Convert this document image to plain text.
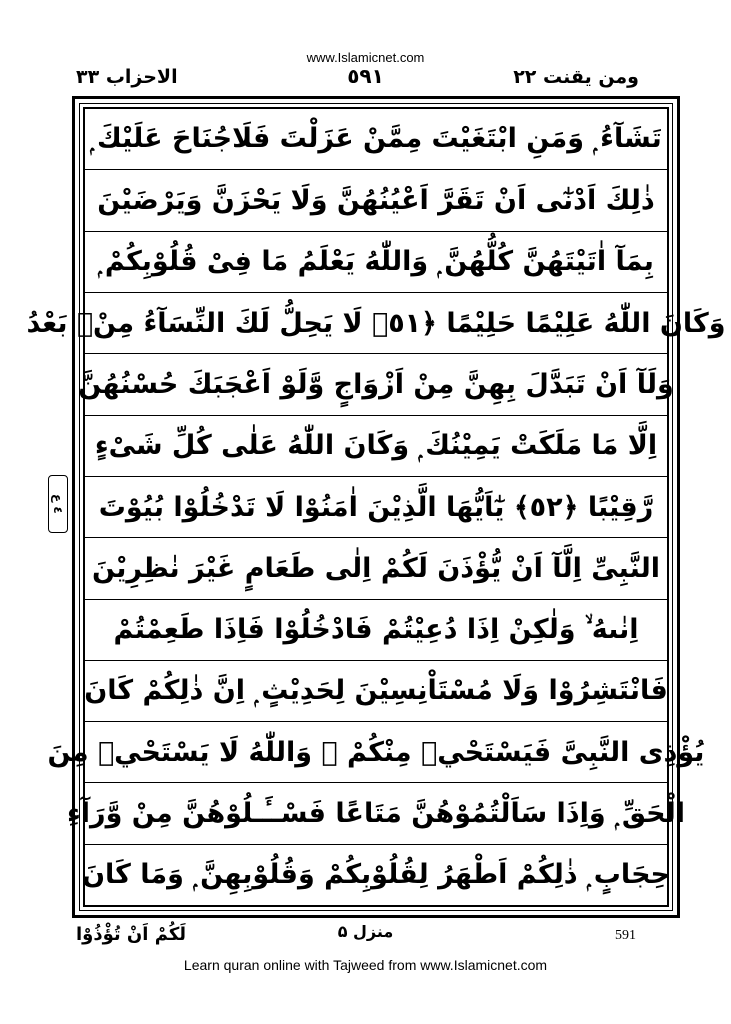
www.Islamicnet.com
ومن يقنت ٢٢
٥٩١
الاحزاب ٣٣
تَشَآءُ ۭ وَمَنِ ابْتَغَيْتَ مِمَّنْ عَزَلْتَ فَلَاجُنَاحَ عَلَيْكَ ۭ
ذٰلِكَ اَدْنٰٓى اَنْ تَقَرَّ اَعْيُنُهُنَّ وَلَا يَحْزَنَّ وَيَرْضَيْنَ
بِمَآ اٰتَيْتَهُنَّ كُلُّهُنَّ ۭ وَاللّٰهُ يَعْلَمُ مَا فِىْ قُلُوْبِكُمْ ۭ
وَكَانَ اللّٰهُ عَلِيْمًا حَلِيْمًا ﴿٥١﴾ لَا يَحِلُّ لَكَ النِّسَآءُ مِنْۢ بَعْدُ
وَلَآ اَنْ تَبَدَّلَ بِهِنَّ مِنْ اَزْوَاجٍ وَّلَوْ اَعْجَبَكَ حُسْنُهُنَّ
اِلَّا مَا مَلَكَتْ يَمِيْنُكَ ۭ وَكَانَ اللّٰهُ عَلٰى كُلِّ شَىْءٍ
رَّقِيْبًا ﴿٥٢﴾ يٰٓاَيُّهَا الَّذِيْنَ اٰمَنُوْا لَا تَدْخُلُوْا بُيُوْتَ
النَّبِىِّ اِلَّآ اَنْ يُّؤْذَنَ لَكُمْ اِلٰى طَعَامٍ غَيْرَ نٰظِرِيْنَ
اِنٰىهُ ۙ وَلٰكِنْ اِذَا دُعِيْتُمْ فَادْخُلُوْا فَاِذَا طَعِمْتُمْ
فَانْتَشِرُوْا وَلَا مُسْتَاْنِسِيْنَ لِحَدِيْثٍ ۭ اِنَّ ذٰلِكُمْ كَانَ
يُؤْذِى النَّبِىَّ فَيَسْتَحْيٖ مِنْكُمْ ۡ وَاللّٰهُ لَا يَسْتَحْيٖ مِنَ
الْحَقِّ ۭ وَاِذَا سَاَلْتُمُوْهُنَّ مَتَاعًا فَسْــَٔـلُوْهُنَّ مِنْ وَّرَآءِ
حِجَابٍ ۭ ذٰلِكُمْ اَطْهَرُ لِقُلُوْبِكُمْ وَقُلُوْبِهِنَّ ۭ وَمَا كَانَ
٤ ع
لَكُمْ اَنْ تُؤْذُوْا	منزل ۵	591
Learn quran online with Tajweed from www.Islamicnet.com
